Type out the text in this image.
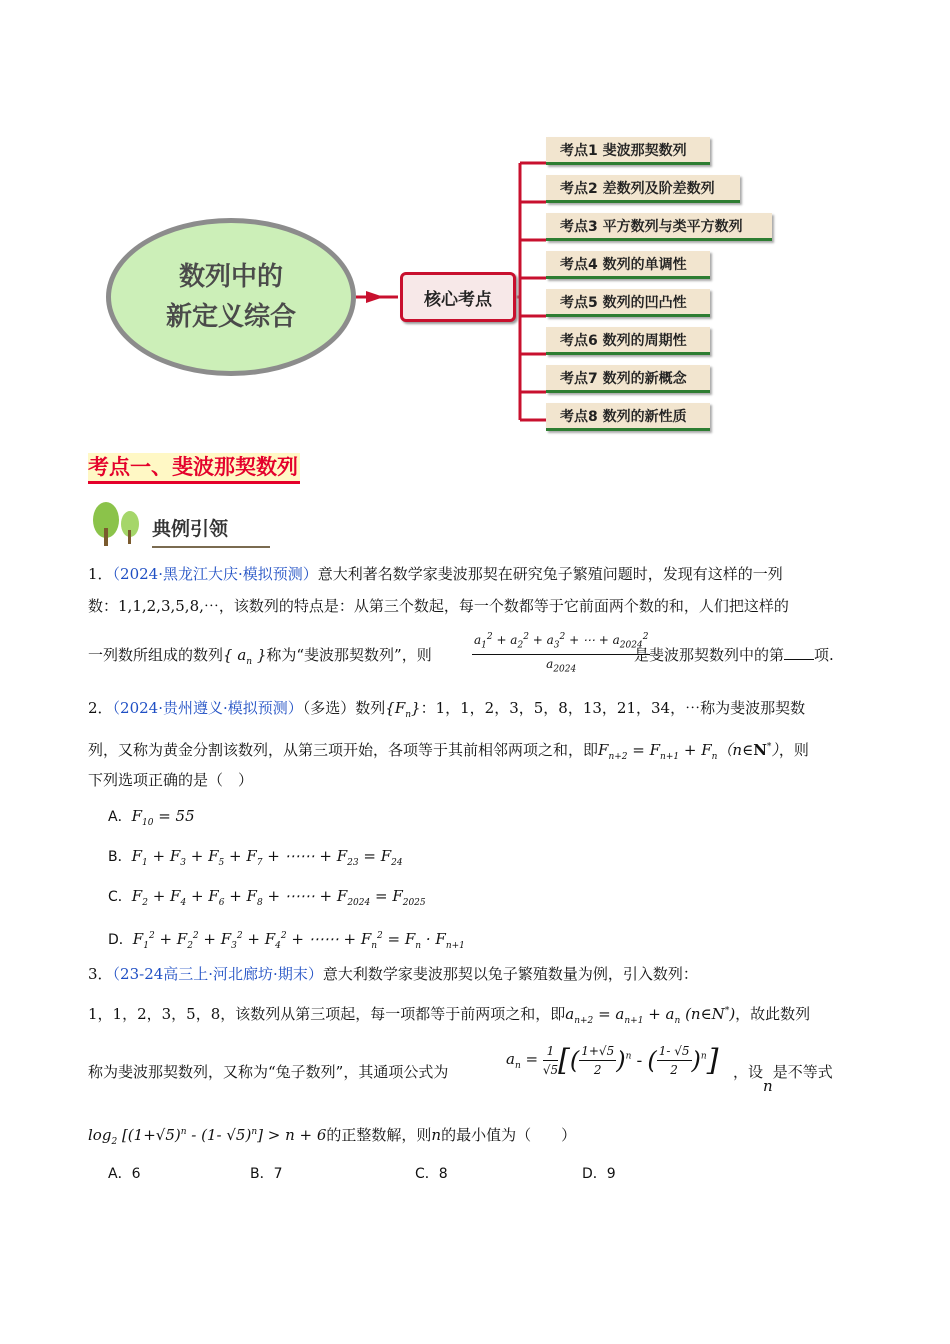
数列中的
新定义综合
核心考点
考点1 斐波那契数列
考点2 差数列及阶差数列
考点3 平方数列与类平方数列
考点4 数列的单调性
考点5 数列的凹凸性
考点6 数列的周期性
考点7 数列的新概念
考点8 数列的新性质
考点一、斐波那契数列
典例引领
1．（2024·黑龙江大庆·模拟预测）意大利著名数学家斐波那契在研究兔子繁殖问题时，发现有这样的一列
数：1,1,2,3,5,8,⋯，该数列的特点是：从第三个数起，每一个数都等于它前面两个数的和，人们把这样的
一列数所组成的数列{ $a_n$ }称为“斐波那契数列”，则	$\frac{a_1^2 + a_2^2 + a_3^2 + \cdots + a_{2024}^2}{a_{2024}}$
是斐波那契数列中的第 项.
2．（2024·贵州遵义·模拟预测）（多选）数列$\{F_n\}$：1，1，2，3，5，8，13，21，34，⋯称为斐波那契数
列，又称为黄金分割该数列，从第三项开始，各项等于其前相邻两项之和，即$F_{n+2} = F_{n+1}$ + $F_n(n\in N^*)$，则
下列选项正确的是（　）
A．$F_{10} = 55$
B．$F_1 + F_3 + F_5 + F_7$ + ⋯⋯ + $F_{23} = F_{24}$
C．$F_2 + F_4 + F_6 + F_8$ + ⋯⋯ + $F_{2024} = F_{2025}$
D．$F_1^2 + F_2^2 + F_3^2 + F_4^2$ + ⋯⋯ + $F_n^2 = F_n \cdot F_{n+1}$
3．（23-24高三上·河北廊坊·期末）意大利数学家斐波那契以兔子繁殖数量为例，引入数列：
1，1，2，3，5，8，该数列从第三项起，每一项都等于前两项之和，即$a_{n+2} = a_{n+1} + a_n$ (n∈N*)，故此数列
称为斐波那契数列，又称为“兔子数列”，其通项公式为
$a_n = \frac{1}{√5}$ [( $\frac{1+√5}{2} )^n$ - ( $\frac{1- √5}{2} )^n$] ，设n是不等式
$\log_2 [(1+√5)^n - (1-$ √5)$^n$] > n + 6的正整数解，则n的最小值为（　　）
A．6	B．7	C．8	D．9
